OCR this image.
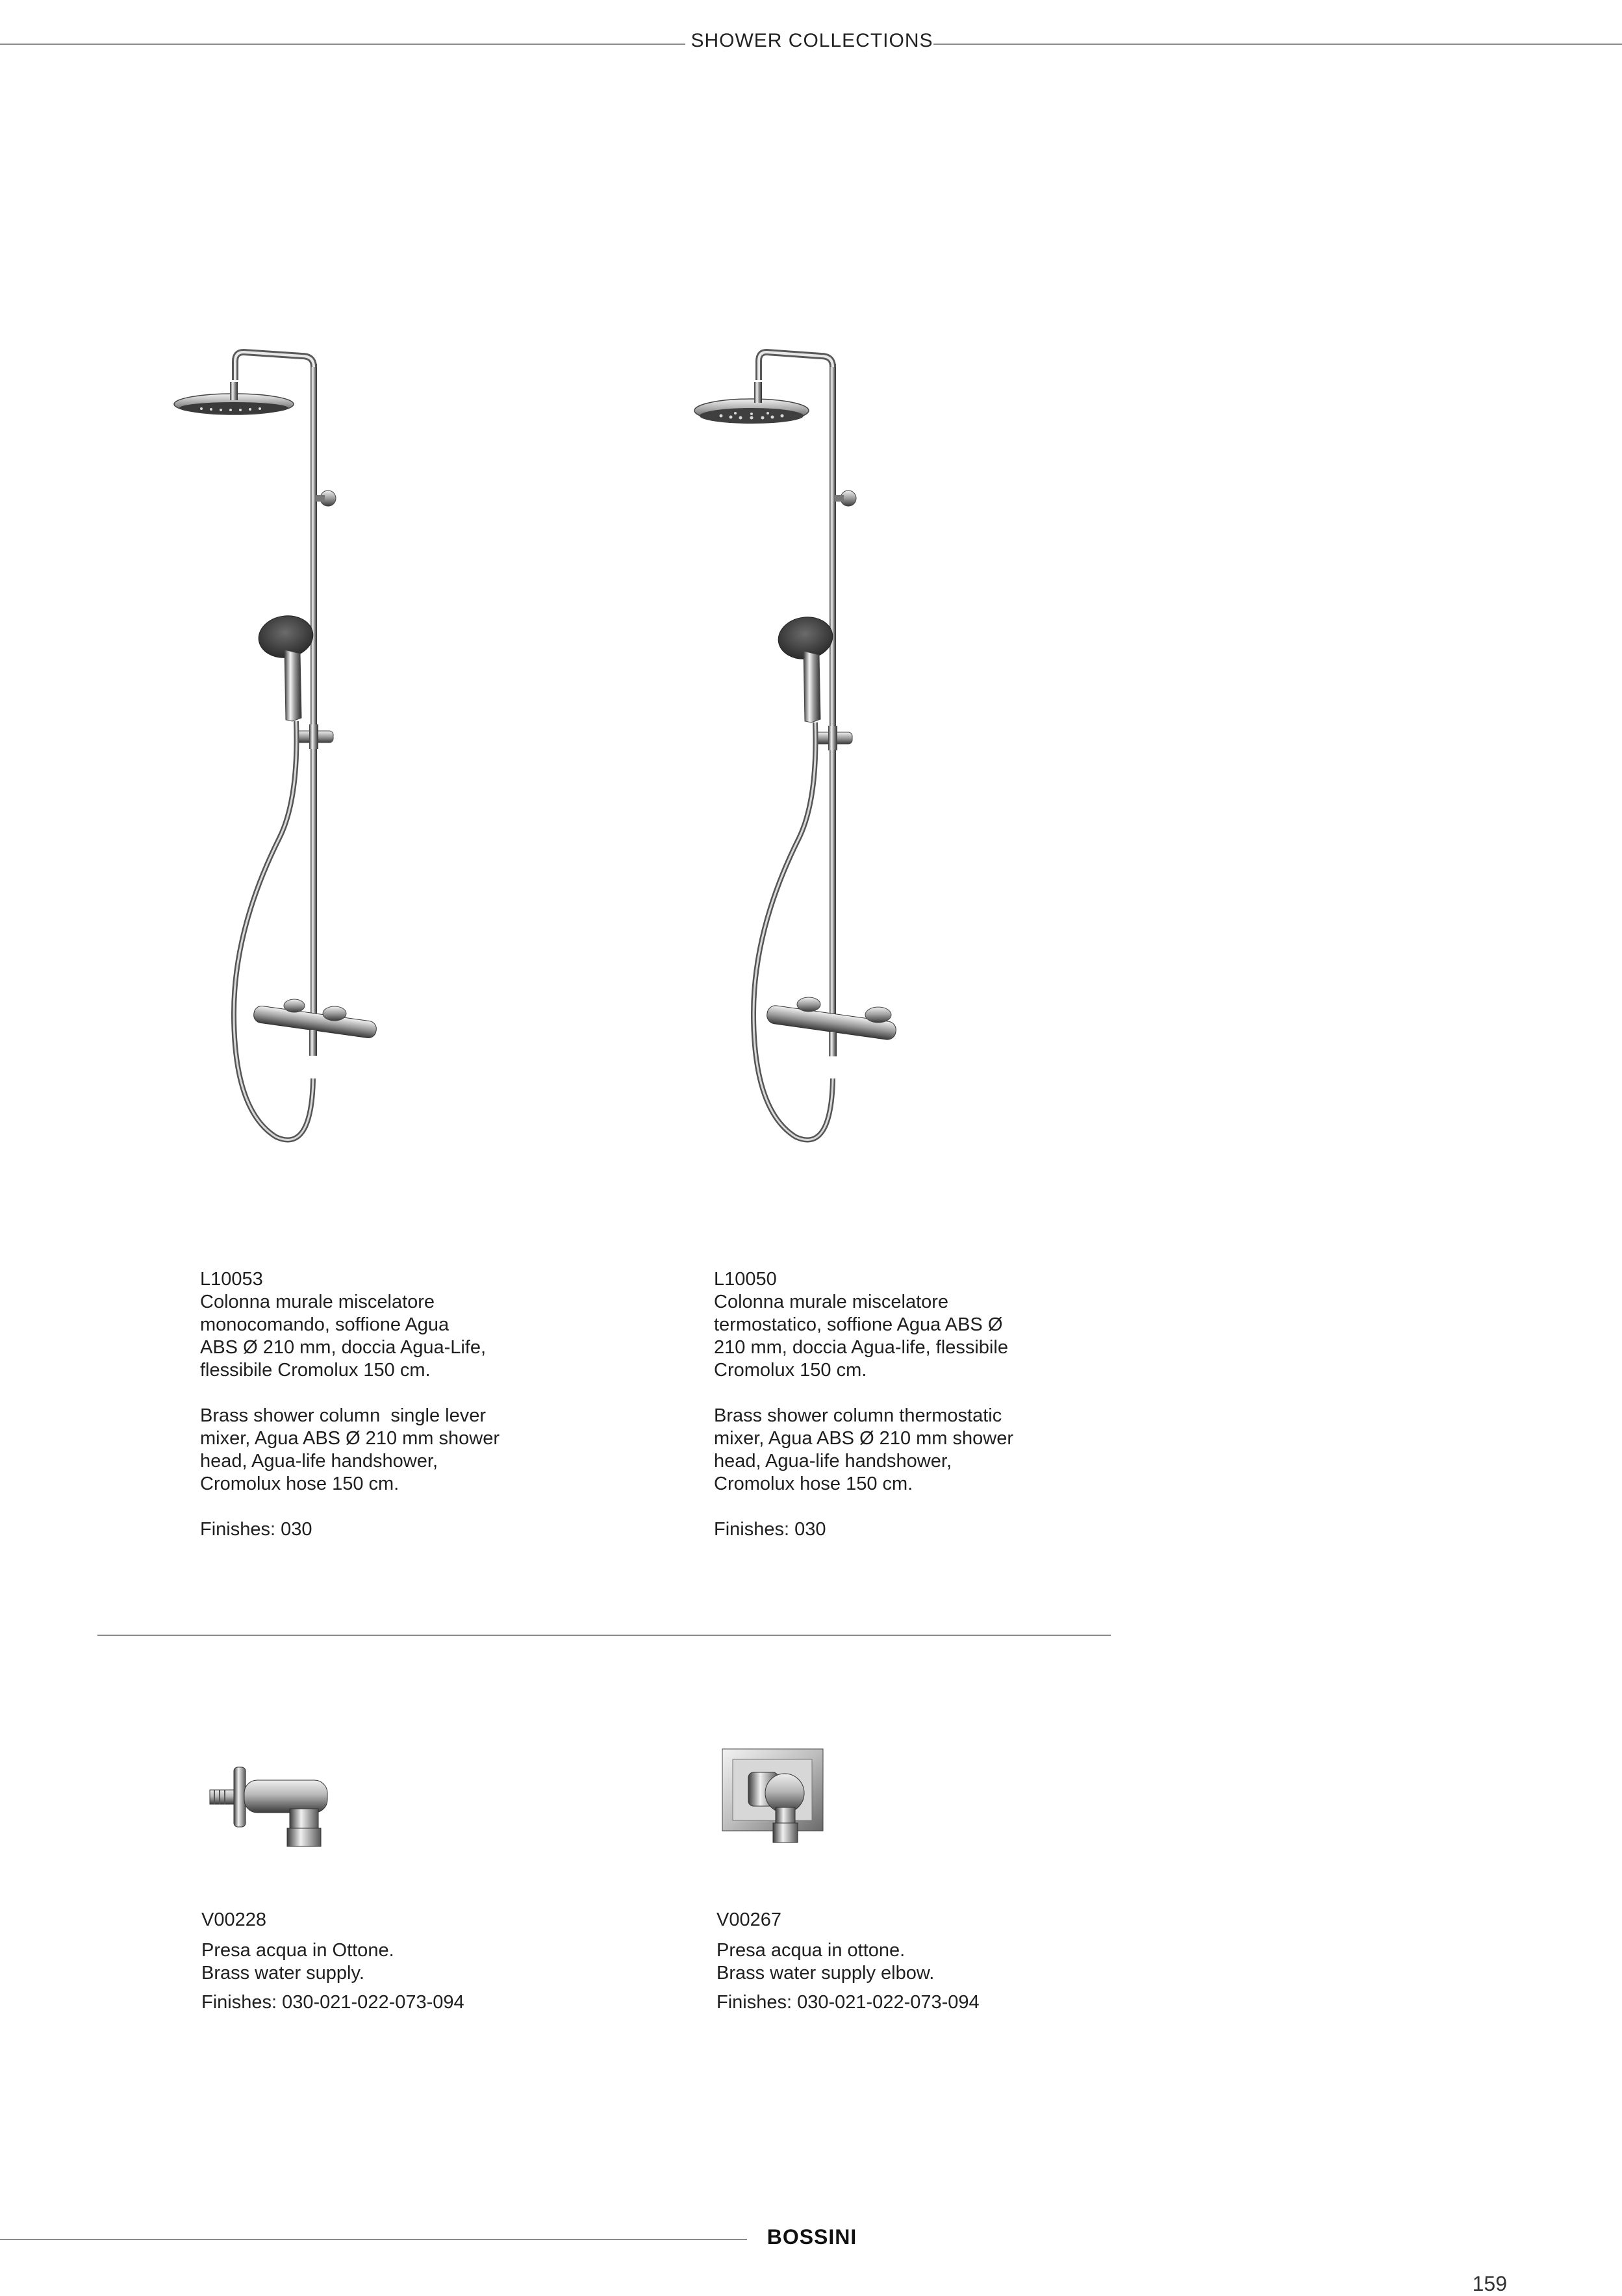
SHOWER COLLECTIONS

L10053

Colonna murale miscelatore

monocomando, soffione Agua

ABS Ø 210 mm, doccia Agua-Life,

flessibile Cromolux 150 cm.

Brass shower column  single lever

mixer, Agua ABS Ø 210 mm shower

head, Agua-life handshower,

Cromolux hose 150 cm.

Finishes: 030

L10050

Colonna murale miscelatore

termostatico, soffione Agua ABS Ø

210 mm, doccia Agua-life, flessibile

Cromolux 150 cm.

Brass shower column thermostatic

mixer, Agua ABS Ø 210 mm shower

head, Agua-life handshower,

Cromolux hose 150 cm.

Finishes: 030

V00228

Presa acqua in Ottone.

Brass water supply.

Finishes: 030-021-022-073-094

V00267

Presa acqua in ottone.

Brass water supply elbow.

Finishes: 030-021-022-073-094

BOSSINI
159
